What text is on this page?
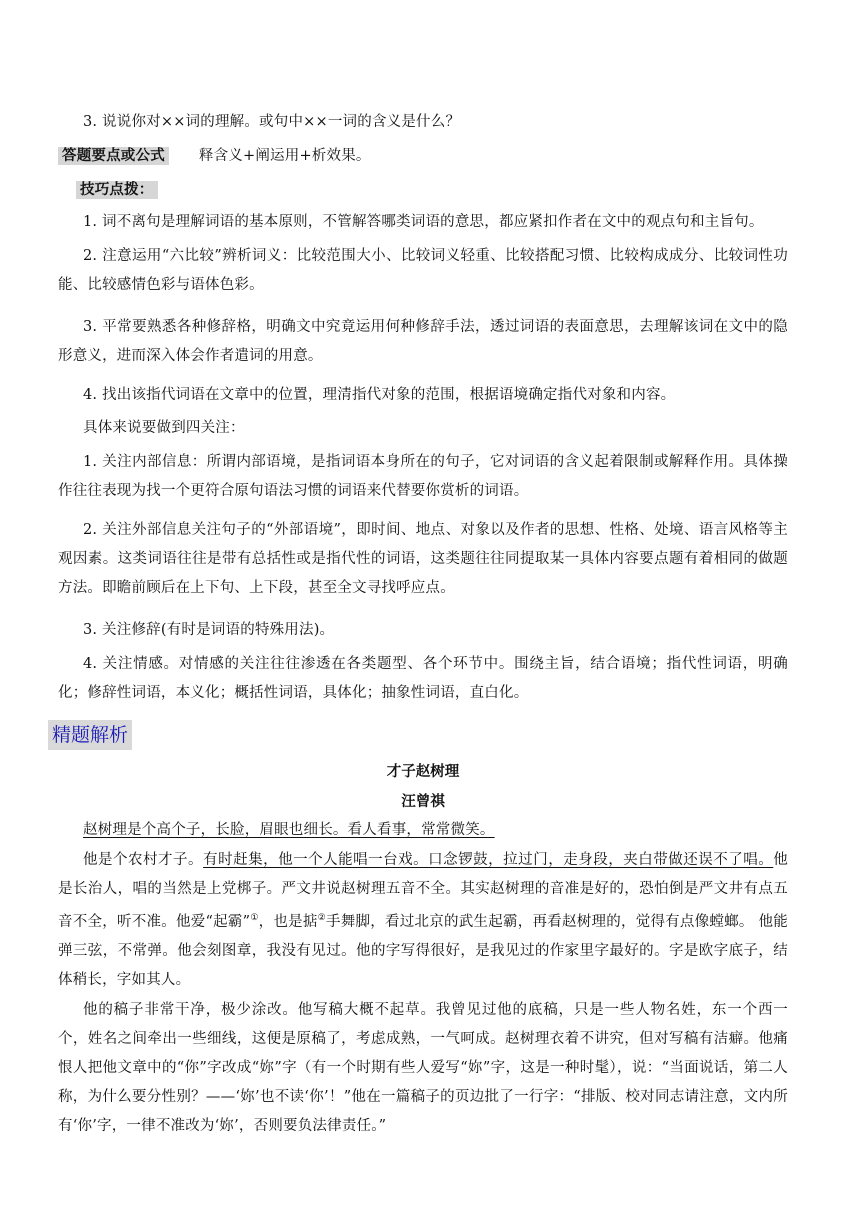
3. 说说你对××词的理解。或句中××一词的含义是什么？

答题要点或公式 释含义+阐运用+析效果。

技巧点拨：

1. 词不离句是理解词语的基本原则，不管解答哪类词语的意思，都应紧扣作者在文中的观点句和主旨句。

2. 注意运用“六比较”辨析词义：比较范围大小、比较词义轻重、比较搭配习惯、比较构成成分、比较词性功能、比较感情色彩与语体色彩。

3. 平常要熟悉各种修辞格，明确文中究竟运用何种修辞手法，透过词语的表面意思，去理解该词在文中的隐形意义，进而深入体会作者遣词的用意。

4. 找出该指代词语在文章中的位置，理清指代对象的范围，根据语境确定指代对象和内容。

具体来说要做到四关注：

1. 关注内部信息：所谓内部语境，是指词语本身所在的句子，它对词语的含义起着限制或解释作用。具体操作往往表现为找一个更符合原句语法习惯的词语来代替要你赏析的词语。

2. 关注外部信息关注句子的“外部语境”，即时间、地点、对象以及作者的思想、性格、处境、语言风格等主观因素。这类词语往往是带有总括性或是指代性的词语，这类题往往同提取某一具体内容要点题有着相同的做题方法。即瞻前顾后在上下句、上下段，甚至全文寻找呼应点。

3. 关注修辞(有时是词语的特殊用法)。

4. 关注情感。对情感的关注往往渗透在各类题型、各个环节中。围绕主旨，结合语境；指代性词语，明确化；修辞性词语，本义化；概括性词语，具体化；抽象性词语，直白化。

精题解析
才子赵树理
汪曾祺

赵树理是个高个子，长脸，眉眼也细长。看人看事，常常微笑。

他是个农村才子。有时赶集，他一个人能唱一台戏。口念锣鼓，拉过门，走身段，夹白带做还误不了唱。他是长治人，唱的当然是上党梆子。严文井说赵树理五音不全。其实赵树理的音准是好的，恐怕倒是严文井有点五音不全，听不准。他爱“起霸”①，也是掂②手舞脚，看过北京的武生起霸，再看赵树理的，觉得有点像螳螂。 他能弹三弦，不常弹。他会刻图章，我没有见过。他的字写得很好，是我见过的作家里字最好的。字是欧字底子，结体稍长，字如其人。

他的稿子非常干净，极少涂改。他写稿大概不起草。我曾见过他的底稿，只是一些人物名姓，东一个西一个，姓名之间牵出一些细线，这便是原稿了，考虑成熟，一气呵成。赵树理衣着不讲究，但对写稿有洁癖。他痛恨人把他文章中的“你”字改成“妳”字（有一个时期有些人爱写“妳”字，这是一种时髦），说：“当面说话，第二人称，为什么要分性别？——‘妳’也不读‘你’！”他在一篇稿子的页边批了一行字：“排版、校对同志请注意，文内所有‘你’字，一律不准改为‘妳’，否则要负法律责任。”
